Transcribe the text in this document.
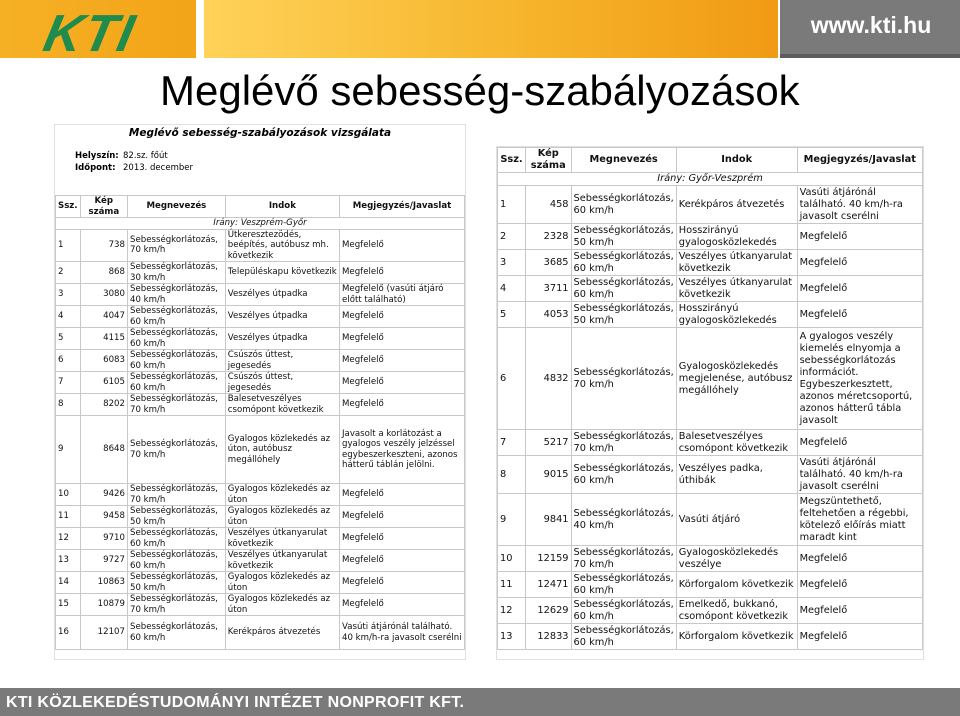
KTI	www.kti.hu
Meglévő sebesség-szabályozások
Meglévő sebesség-szabályozások vizsgálata
Helyszín: 82.sz. főút
Időpont: 2013. december
Ssz.	Kép száma	Megnevezés	Indok	Megjegyzés/Javaslat
Irány: Veszprém-Győr				
1	738	Sebességkorlátozás, 70 km/h	Útkeresztezödés, beépítés, autóbusz mh. következik	Megfelelő
2	868	Sebességkorlátozás, 30 km/h	Településkapu következik	Megfelelő
3	3080	Sebességkorlátozás, 40 km/h	Veszélyes útpadka	Megfelelő (vasúti átjáró előtt található)
4	4047	Sebességkorlátozás, 60 km/h	Veszélyes útpadka	Megfelelő
5	4115	Sebességkorlátozás, 60 km/h	Veszélyes útpadka	Megfelelő
6	6083	Sebességkorlátozás, 60 km/h	Csúszós úttest, jegesedés	Megfelelő
7	6105	Sebességkorlátozás, 60 km/h	Csúszós úttest, jegesedés	Megfelelő
8	8202	Sebességkorlátozás, 70 km/h	Balesetveszélyes csomópont következik	Megfelelő
9	8648	Sebességkorlátozás, 70 km/h	Gyalogos közlekedés az úton, autóbusz megállóhely	Javasolt a korlátozást a gyalogos veszély jelzéssel egybeszerkeszteni, azonos hátterű táblán jelölni.
10	9426	Sebességkorlátozás, 70 km/h	Gyalogos közlekedés az úton	Megfelelő
11	9458	Sebességkorlátozás, 50 km/h	Gyalogos közlekedés az úton	Megfelelő
12	9710	Sebességkorlátozás, 60 km/h	Veszélyes útkanyarulat következik	Megfelelő
13	9727	Sebességkorlátozás, 60 km/h	Veszélyes útkanyarulat következik	Megfelelő
14	10863	Sebességkorlátozás, 50 km/h	Gyalogos közlekedés az úton	Megfelelő
15	10879	Sebességkorlátozás, 70 km/h	Gyalogos közlekedés az úton	Megfelelő
16	12107	Sebességkorlátozás, 60 km/h	Kerékpáros átvezetés	Vasúti átjárónál található. 40 km/h-ra javasolt cserélni
Ssz.	Kép száma	Megnevezés	Indok	Megjegyzés/Javaslat
Irány: Győr-Veszprém				
1	458	Sebességkorlátozás, 60 km/h	Kerékpáros átvezetés	Vasúti átjárónál található. 40 km/h-ra javasolt cserélni
2	2328	Sebességkorlátozás, 50 km/h	Hosszirányú gyalogosközlekedés	Megfelelő
3	3685	Sebességkorlátozás, 60 km/h	Veszélyes útkanyarulat következik	Megfelelő
4	3711	Sebességkorlátozás, 60 km/h	Veszélyes útkanyarulat következik	Megfelelő
5	4053	Sebességkorlátozás, 50 km/h	Hosszirányú gyalogosközlekedés	Megfelelő
6	4832	Sebességkorlátozás, 70 km/h	Gyalogosközlekedés megjelenése, autóbusz megállóhely	A gyalogos veszély kiemelés elnyomja a sebességkorlátozás információt. Egybeszerkesztett, azonos méretcsoportú, azonos hátterű tábla javasolt
7	5217	Sebességkorlátozás, 70 km/h	Balesetveszélyes csomópont következik	Megfelelő
8	9015	Sebességkorlátozás, 60 km/h	Veszélyes padka, úthibák	Vasúti átjárónál található. 40 km/h-ra javasolt cserélni
9	9841	Sebességkorlátozás, 40 km/h	Vasúti átjáró	Megszüntethető, feltehetően a régebbi, kötelező előírás miatt maradt kint
10	12159	Sebességkorlátozás, 70 km/h	Gyalogosközlekedés veszélye	Megfelelő
11	12471	Sebességkorlátozás, 60 km/h	Körforgalom következik	Megfelelő
12	12629	Sebességkorlátozás, 60 km/h	Emelkedő, bukkanó, csomópont következik	Megfelelő
13	12833	Sebességkorlátozás, 60 km/h	Körforgalom következik	Megfelelő
KTI KÖZLEKEDÉSTUDOMÁNYI INTÉZET NONPROFIT KFT.
